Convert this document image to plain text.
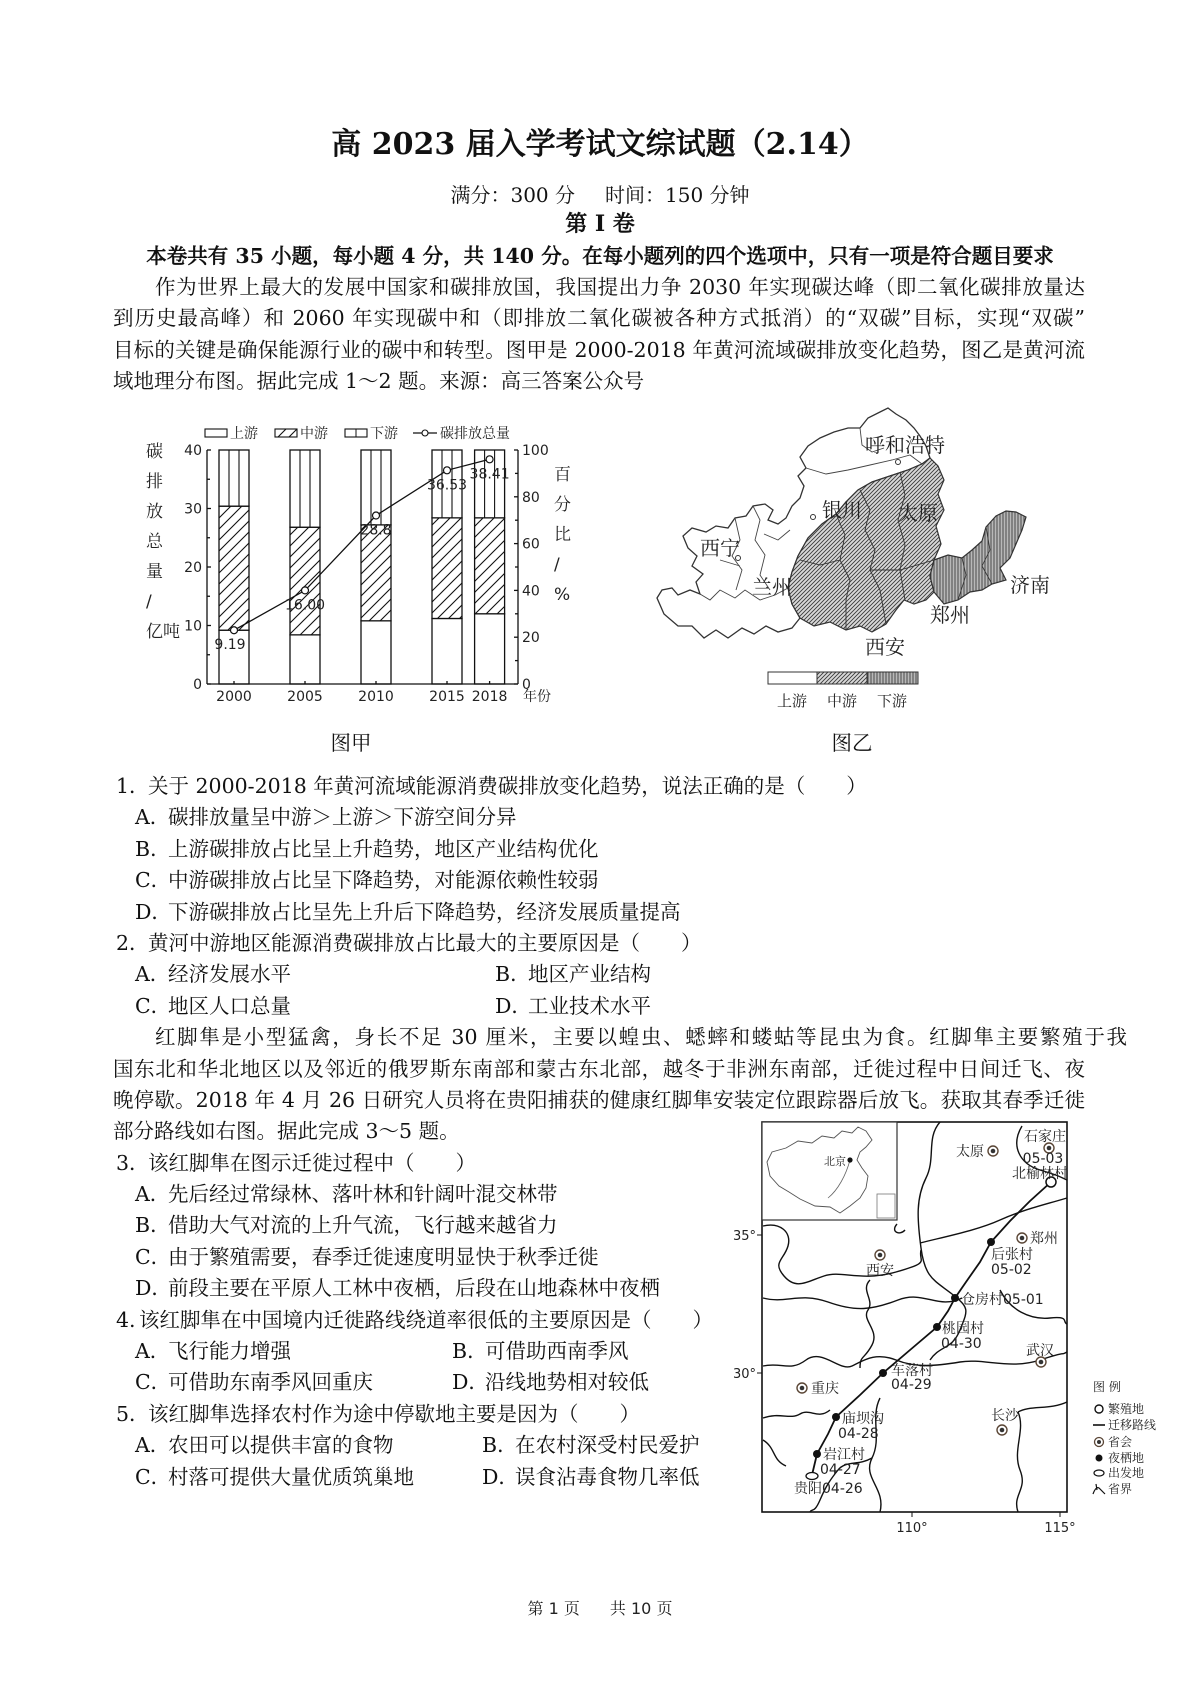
高 2023 届入学考试文综试题（2.14）
满分：300 分 时间：150 分钟
第 I 卷
本卷共有 35 小题，每小题 4 分，共 140 分。在每小题列的四个选项中，只有一项是符合题目要求
作为世界上最大的发展中国家和碳排放国，我国提出力争 2030 年实现碳达峰（即二氧化碳排放量达
到历史最高峰）和 2060 年实现碳中和（即排放二氧化碳被各种方式抵消）的“双碳”目标，实现“双碳”
目标的关键是确保能源行业的碳中和转型。图甲是 2000-2018 年黄河流域碳排放变化趋势，图乙是黄河流
域地理分布图。据此完成 1～2 题。来源：高三答案公众号
0
10
20
30
40
0
20
40
60
80
100
2000	2005	2010	2015 2018 年份
9.19
16.00
28.8
36.53
38.41
上游	中游	下游	碳排放总量
碳
排
放
总
量
/
亿吨
百
分
比
/
%
图甲
呼和浩特
银川 太原
西宁
兰州	济南
郑州
西安
上游 中游 下游
图乙
1．关于 2000-2018 年黄河流域能源消费碳排放变化趋势，说法正确的是（　　）
A．碳排放量呈中游＞上游＞下游空间分异
B．上游碳排放占比呈上升趋势，地区产业结构优化
C．中游碳排放占比呈下降趋势，对能源依赖性较弱
D．下游碳排放占比呈先上升后下降趋势，经济发展质量提高
2．黄河中游地区能源消费碳排放占比最大的主要原因是（　　）
A．经济发展水平	B．地区产业结构
C．地区人口总量	D．工业技术水平
红脚隼是小型猛禽，身长不足 30 厘米，主要以蝗虫、蟋蟀和蝼蛄等昆虫为食。红脚隼主要繁殖于我
国东北和华北地区以及邻近的俄罗斯东南部和蒙古东北部，越冬于非洲东南部，迁徙过程中日间迁飞、夜
晚停歇。2018 年 4 月 26 日研究人员将在贵阳捕获的健康红脚隼安装定位跟踪器后放飞。获取其春季迁徙
部分路线如右图。据此完成 3～5 题。
3．该红脚隼在图示迁徙过程中（　　）
A．先后经过常绿林、落叶林和针阔叶混交林带
B．借助大气对流的上升气流，飞行越来越省力
C．由于繁殖需要，春季迁徙速度明显快于秋季迁徙
D．前段主要在平原人工林中夜栖，后段在山地森林中夜栖
4. 该红脚隼在中国境内迁徙路线绕道率很低的主要原因是（　　）
A．飞行能力增强	B．可借助西南季风
C．可借助东南季风回重庆	D．沿线地势相对较低
5．该红脚隼选择农村作为途中停歇地主要是因为（　　）
A．农田可以提供丰富的食物	B．在农村深受村民爱护
C．村落可提供大量优质筑巢地	D．误食沾毒食物几率低
北京
35°
30°
110°	115°
太原
石家庄
郑州
西安
武汉
重庆
长沙
05-03
北榆林村
贵阳04-26
岩江村
04-27
庙坝沟
04-28
车落村
04-29
桃园村
04-30
仓房村05-01
后张村
05-02
图 例
繁殖地
迁移路线
省会
夜栖地
出发地
省界
第 1 页 共 10 页
